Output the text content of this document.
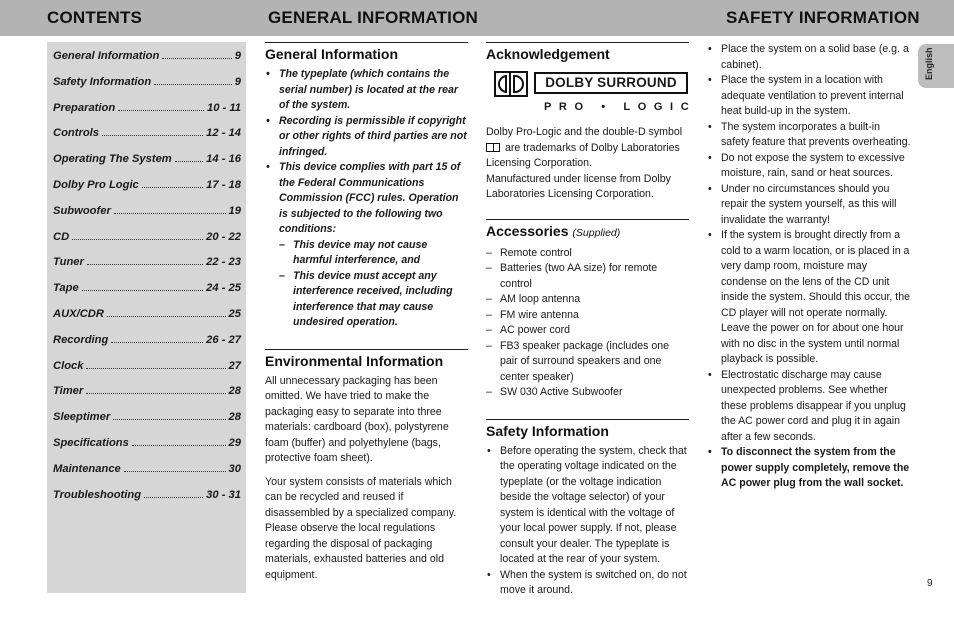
CONTENTS	GENERAL INFORMATION	SAFETY INFORMATION
General Information	9
Safety Information	9
Preparation	10 - 11
Controls	12 - 14
Operating The System	14 - 16
Dolby Pro Logic	17 - 18
Subwoofer	19
CD	20 - 22
Tuner	22 - 23
Tape	24 - 25
AUX/CDR	25
Recording	26 - 27
Clock	27
Timer	28
Sleeptimer	28
Specifications	29
Maintenance	30
Troubleshooting	30 - 31
General Information
• The typeplate (which contains the serial number) is located at the rear of the system.
• Recording is permissible if copyright or other rights of third parties are not infringed.
• This device complies with part 15 of the Federal Communications Commission (FCC) rules. Operation is subjected to the following two conditions:
– This device may not cause harmful interference, and
– This device must accept any interference received, including interference that may cause undesired operation.
Environmental Information

All unnecessary packaging has been omitted. We have tried to make the packaging easy to separate into three materials: cardboard (box), polystyrene foam (buffer) and polyethylene (bags, protective foam sheet).

Your system consists of materials which can be recycled and reused if disassembled by a specialized company. Please observe the local regulations regarding the disposal of packaging materials, exhausted batteries and old equipment.

Acknowledgement
DOLBY SURROUND
PRO • LOGIC

Dolby Pro-Logic and the double-D symbol
are trademarks of Dolby Laboratories Licensing Corporation.

Manufactured under license from Dolby Laboratories Licensing Corporation.

Accessories (Supplied)
– Remote control
– Batteries (two AA size) for remote control
– AM loop antenna
– FM wire antenna
– AC power cord
– FB3 speaker package (includes one pair of surround speakers and one center speaker)
– SW 030 Active Subwoofer
Safety Information
• Before operating the system, check that the operating voltage indicated on the typeplate (or the voltage indication beside the voltage selector) of your system is identical with the voltage of your local power supply. If not, please consult your dealer. The typeplate is located at the rear of your system.
• When the system is switched on, do not move it around.
• Place the system on a solid base (e.g. a cabinet).
• Place the system in a location with adequate ventilation to prevent internal heat build-up in the system.
• The system incorporates a built-in safety feature that prevents overheating.
• Do not expose the system to excessive moisture, rain, sand or heat sources.
• Under no circumstances should you repair the system yourself, as this will invalidate the warranty!
• If the system is brought directly from a cold to a warm location, or is placed in a very damp room, moisture may condense on the lens of the CD unit inside the system. Should this occur, the CD player will not operate normally. Leave the power on for about one hour with no disc in the system until normal playback is possible.
• Electrostatic discharge may cause unexpected problems. See whether these problems disappear if you unplug the AC power cord and plug it in again after a few seconds.
• To disconnect the system from the power supply completely, remove the AC power plug from the wall socket.
English
9
